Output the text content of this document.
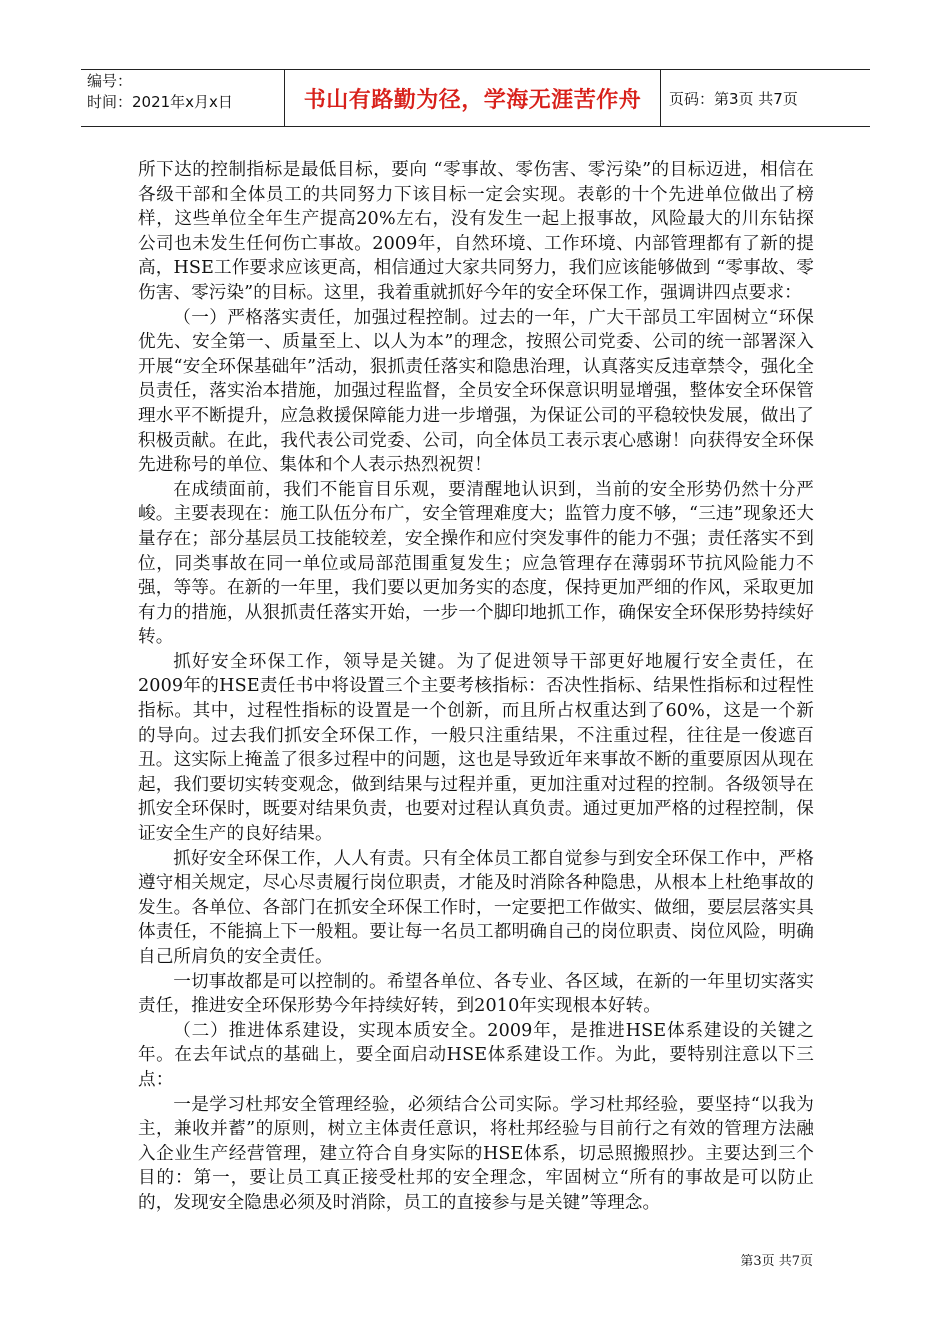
编号：
时间：2021年x月x日	书山有路勤为径，学海无涯苦作舟	页码：第3页 共7页

所下达的控制指标是最低目标，要向 “零事故、零伤害、零污染”的目标迈进，相信在各级干部和全体员工的共同努力下该目标一定会实现。表彰的十个先进单位做出了榜样，这些单位全年生产提高20%左右，没有发生一起上报事故，风险最大的川东钻探公司也未发生任何伤亡事故。2009年，自然环境、工作环境、内部管理都有了新的提高，HSE工作要求应该更高，相信通过大家共同努力，我们应该能够做到 “零事故、零伤害、零污染”的目标。这里，我着重就抓好今年的安全环保工作，强调讲四点要求：

（一）严格落实责任，加强过程控制。过去的一年，广大干部员工牢固树立“环保优先、安全第一、质量至上、以人为本”的理念，按照公司党委、公司的统一部署深入开展“安全环保基础年”活动，狠抓责任落实和隐患治理，认真落实反违章禁令，强化全员责任，落实治本措施，加强过程监督，全员安全环保意识明显增强，整体安全环保管理水平不断提升，应急救援保障能力进一步增强，为保证公司的平稳较快发展，做出了积极贡献。在此，我代表公司党委、公司，向全体员工表示衷心感谢！向获得安全环保先进称号的单位、集体和个人表示热烈祝贺！

在成绩面前，我们不能盲目乐观，要清醒地认识到，当前的安全形势仍然十分严峻。主要表现在：施工队伍分布广，安全管理难度大；监管力度不够，“三违”现象还大量存在；部分基层员工技能较差，安全操作和应付突发事件的能力不强；责任落实不到位，同类事故在同一单位或局部范围重复发生；应急管理存在薄弱环节抗风险能力不强，等等。在新的一年里，我们要以更加务实的态度，保持更加严细的作风，采取更加有力的措施，从狠抓责任落实开始，一步一个脚印地抓工作，确保安全环保形势持续好转。

抓好安全环保工作，领导是关键。为了促进领导干部更好地履行安全责任，在2009年的HSE责任书中将设置三个主要考核指标：否决性指标、结果性指标和过程性指标。其中，过程性指标的设置是一个创新，而且所占权重达到了60%，这是一个新的导向。过去我们抓安全环保工作，一般只注重结果，不注重过程，往往是一俊遮百丑。这实际上掩盖了很多过程中的问题，这也是导致近年来事故不断的重要原因从现在起，我们要切实转变观念，做到结果与过程并重，更加注重对过程的控制。各级领导在抓安全环保时，既要对结果负责，也要对过程认真负责。通过更加严格的过程控制，保证安全生产的良好结果。

抓好安全环保工作，人人有责。只有全体员工都自觉参与到安全环保工作中，严格遵守相关规定，尽心尽责履行岗位职责，才能及时消除各种隐患，从根本上杜绝事故的发生。各单位、各部门在抓安全环保工作时，一定要把工作做实、做细，要层层落实具体责任，不能搞上下一般粗。要让每一名员工都明确自己的岗位职责、岗位风险，明确自己所肩负的安全责任。

一切事故都是可以控制的。希望各单位、各专业、各区域，在新的一年里切实落实责任，推进安全环保形势今年持续好转，到2010年实现根本好转。

（二）推进体系建设，实现本质安全。2009年，是推进HSE体系建设的关键之年。在去年试点的基础上，要全面启动HSE体系建设工作。为此，要特别注意以下三点：

一是学习杜邦安全管理经验，必须结合公司实际。学习杜邦经验，要坚持“以我为主，兼收并蓄”的原则，树立主体责任意识，将杜邦经验与目前行之有效的管理方法融入企业生产经营管理，建立符合自身实际的HSE体系，切忌照搬照抄。主要达到三个目的：第一，要让员工真正接受杜邦的安全理念，牢固树立“所有的事故是可以防止的，发现安全隐患必须及时消除，员工的直接参与是关键”等理念。

第3页 共7页
